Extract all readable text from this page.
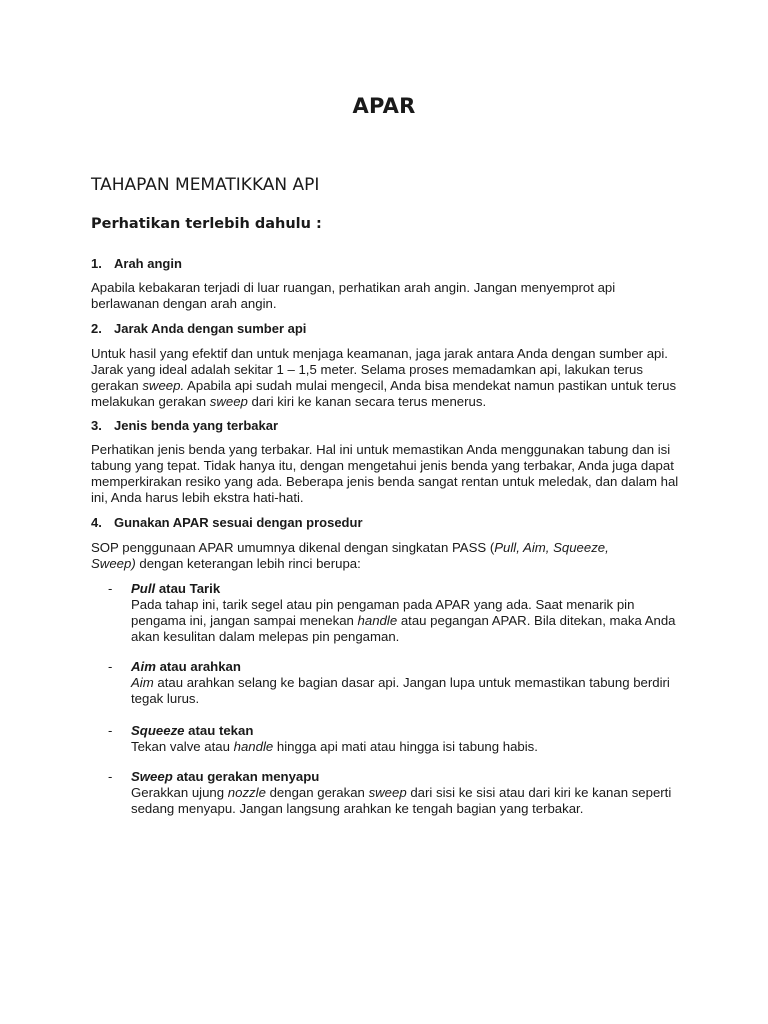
APAR
TAHAPAN MEMATIKKAN API
Perhatikan terlebih dahulu :
1. Arah angin

Apabila kebakaran terjadi di luar ruangan, perhatikan arah angin. Jangan menyemprot api berlawanan dengan arah angin.

2. Jarak Anda dengan sumber api

Untuk hasil yang efektif dan untuk menjaga keamanan, jaga jarak antara Anda dengan sumber api. Jarak yang ideal adalah sekitar 1 – 1,5 meter. Selama proses memadamkan api, lakukan terus gerakan sweep. Apabila api sudah mulai mengecil, Anda bisa mendekat namun pastikan untuk terus melakukan gerakan sweep dari kiri ke kanan secara terus menerus.

3. Jenis benda yang terbakar

Perhatikan jenis benda yang terbakar. Hal ini untuk memastikan Anda menggunakan tabung dan isi tabung yang tepat. Tidak hanya itu, dengan mengetahui jenis benda yang terbakar, Anda juga dapat memperkirakan resiko yang ada. Beberapa jenis benda sangat rentan untuk meledak, dan dalam hal ini, Anda harus lebih ekstra hati-hati.

4. Gunakan APAR sesuai dengan prosedur

SOP penggunaan APAR umumnya dikenal dengan singkatan PASS (Pull, Aim, Squeeze, Sweep) dengan keterangan lebih rinci berupa:

- Pull atau Tarik
Pada tahap ini, tarik segel atau pin pengaman pada APAR yang ada. Saat menarik pin pengama ini, jangan sampai menekan handle atau pegangan APAR. Bila ditekan, maka Anda akan kesulitan dalam melepas pin pengaman.
- Aim atau arahkan
Aim atau arahkan selang ke bagian dasar api. Jangan lupa untuk memastikan tabung berdiri tegak lurus.
- Squeeze atau tekan
Tekan valve atau handle hingga api mati atau hingga isi tabung habis.
- Sweep atau gerakan menyapu
Gerakkan ujung nozzle dengan gerakan sweep dari sisi ke sisi atau dari kiri ke kanan seperti sedang menyapu. Jangan langsung arahkan ke tengah bagian yang terbakar.
